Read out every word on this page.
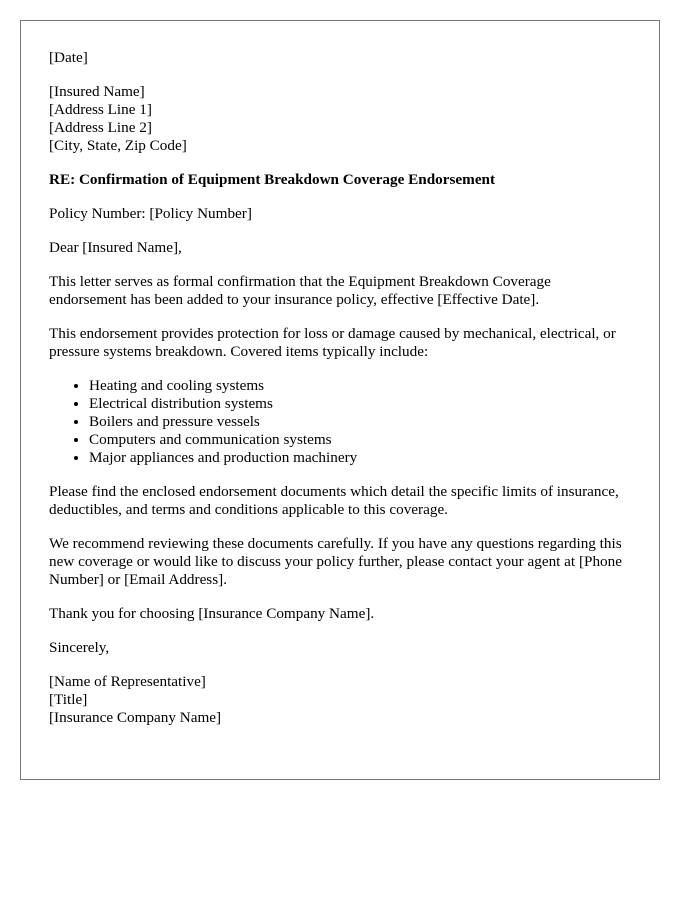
[Date]

[Insured Name]
[Address Line 1]
[Address Line 2]
[City, State, Zip Code]

RE: Confirmation of Equipment Breakdown Coverage Endorsement

Policy Number: [Policy Number]

Dear [Insured Name],

This letter serves as formal confirmation that the Equipment Breakdown Coverage endorsement has been added to your insurance policy, effective [Effective Date].

This endorsement provides protection for loss or damage caused by mechanical, electrical, or pressure systems breakdown. Covered items typically include:

• Heating and cooling systems
• Electrical distribution systems
• Boilers and pressure vessels
• Computers and communication systems
• Major appliances and production machinery

Please find the enclosed endorsement documents which detail the specific limits of insurance, deductibles, and terms and conditions applicable to this coverage.

We recommend reviewing these documents carefully. If you have any questions regarding this new coverage or would like to discuss your policy further, please contact your agent at [Phone Number] or [Email Address].

Thank you for choosing [Insurance Company Name].

Sincerely,

[Name of Representative]
[Title]
[Insurance Company Name]
